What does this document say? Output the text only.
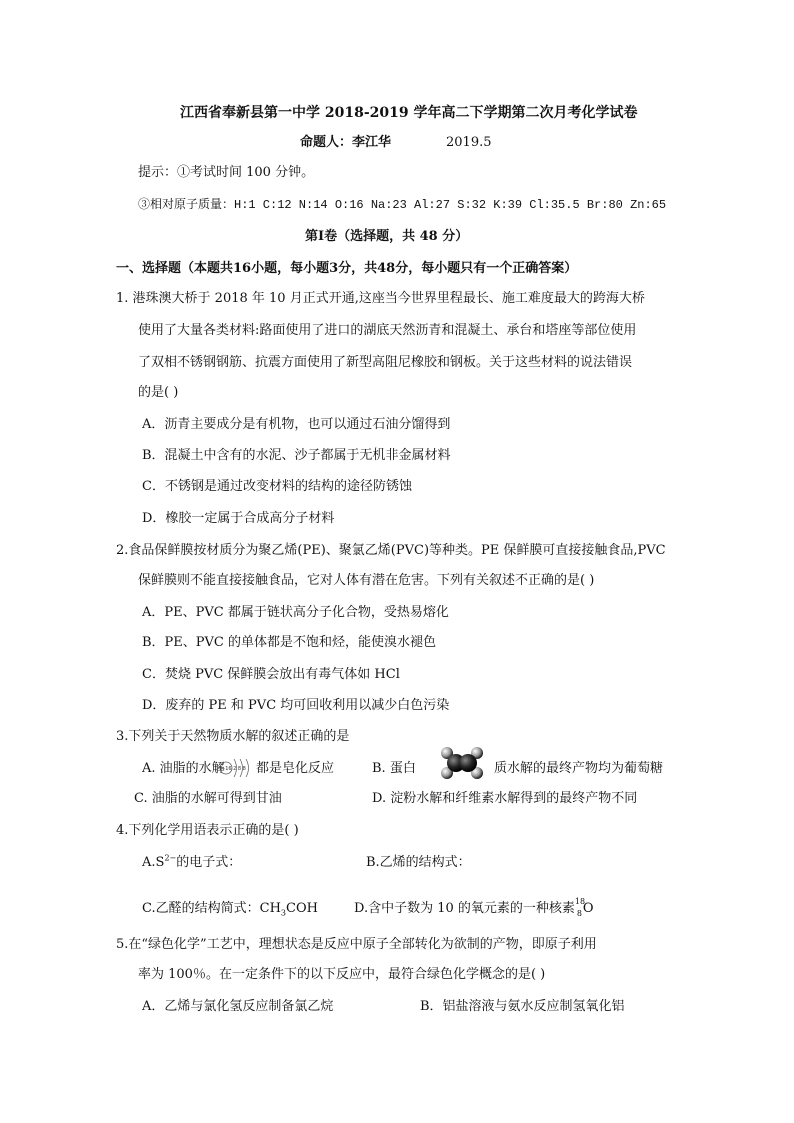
江西省奉新县第一中学 2018-2019 学年高二下学期第二次月考化学试卷
命题人：李江华	2019.5
提示：①考试时间 100 分钟。
③相对原子质量：H:1 C:12 N:14 O:16 Na:23 Al:27 S:32 K:39 Cl:35.5 Br:80 Zn:65
第Ⅰ卷（选择题，共 48 分）
一、选择题（本题共16小题，每小题3分，共48分，每小题只有一个正确答案）
1. 港珠澳大桥于 2018 年 10 月正式开通,这座当今世界里程最长、施工难度最大的跨海大桥
使用了大量各类材料:路面使用了进口的湖底天然沥青和混凝土、承台和塔座等部位使用
了双相不锈钢钢筋、抗震方面使用了新型高阻尼橡胶和钢板。关于这些材料的说法错误
的是( )
A．沥青主要成分是有机物，也可以通过石油分馏得到
B．混凝土中含有的水泥、沙子都属于无机非金属材料
C．不锈钢是通过改变材料的结构的途径防锈蚀
D．橡胶一定属于合成高分子材料
2.食品保鲜膜按材质分为聚乙烯(PE)、聚氯乙烯(PVC)等种类。PE 保鲜膜可直接接触食品,PVC
保鲜膜则不能直接接触食品，它对人体有潜在危害。下列有关叙述不正确的是( )
A．PE、PVC 都属于链状高分子化合物，受热易熔化
B．PE、PVC 的单体都是不饱和烃，能使溴水褪色
C．焚烧 PVC 保鲜膜会放出有毒气体如 HCl
D．废弃的 PE 和 PVC 均可回收利用以减少白色污染
3.下列关于天然物质水解的叙述正确的是
A. 油脂的水解
+16 2 8 8 都是皂化反应	B. 蛋白	质水解的最终产物均为葡萄糖
C. 油脂的水解可得到甘油	D. 淀粉水解和纤维素水解得到的最终产物不同
4.下列化学用语表示正确的是( )
$A.S^{2-}$的电子式：	B.乙烯的结构式：
C.乙醛的结构简式：$CH_3COH$	D.含中子数为 10 的氧元素的一种核素 18
8 O
5.在“绿色化学”工艺中，理想状态是反应中原子全部转化为欲制的产物，即原子利用
率为 100％。在一定条件下的以下反应中，最符合绿色化学概念的是( )
A．乙烯与氯化氢反应制备氯乙烷	B．铝盐溶液与氨水反应制氢氧化铝
